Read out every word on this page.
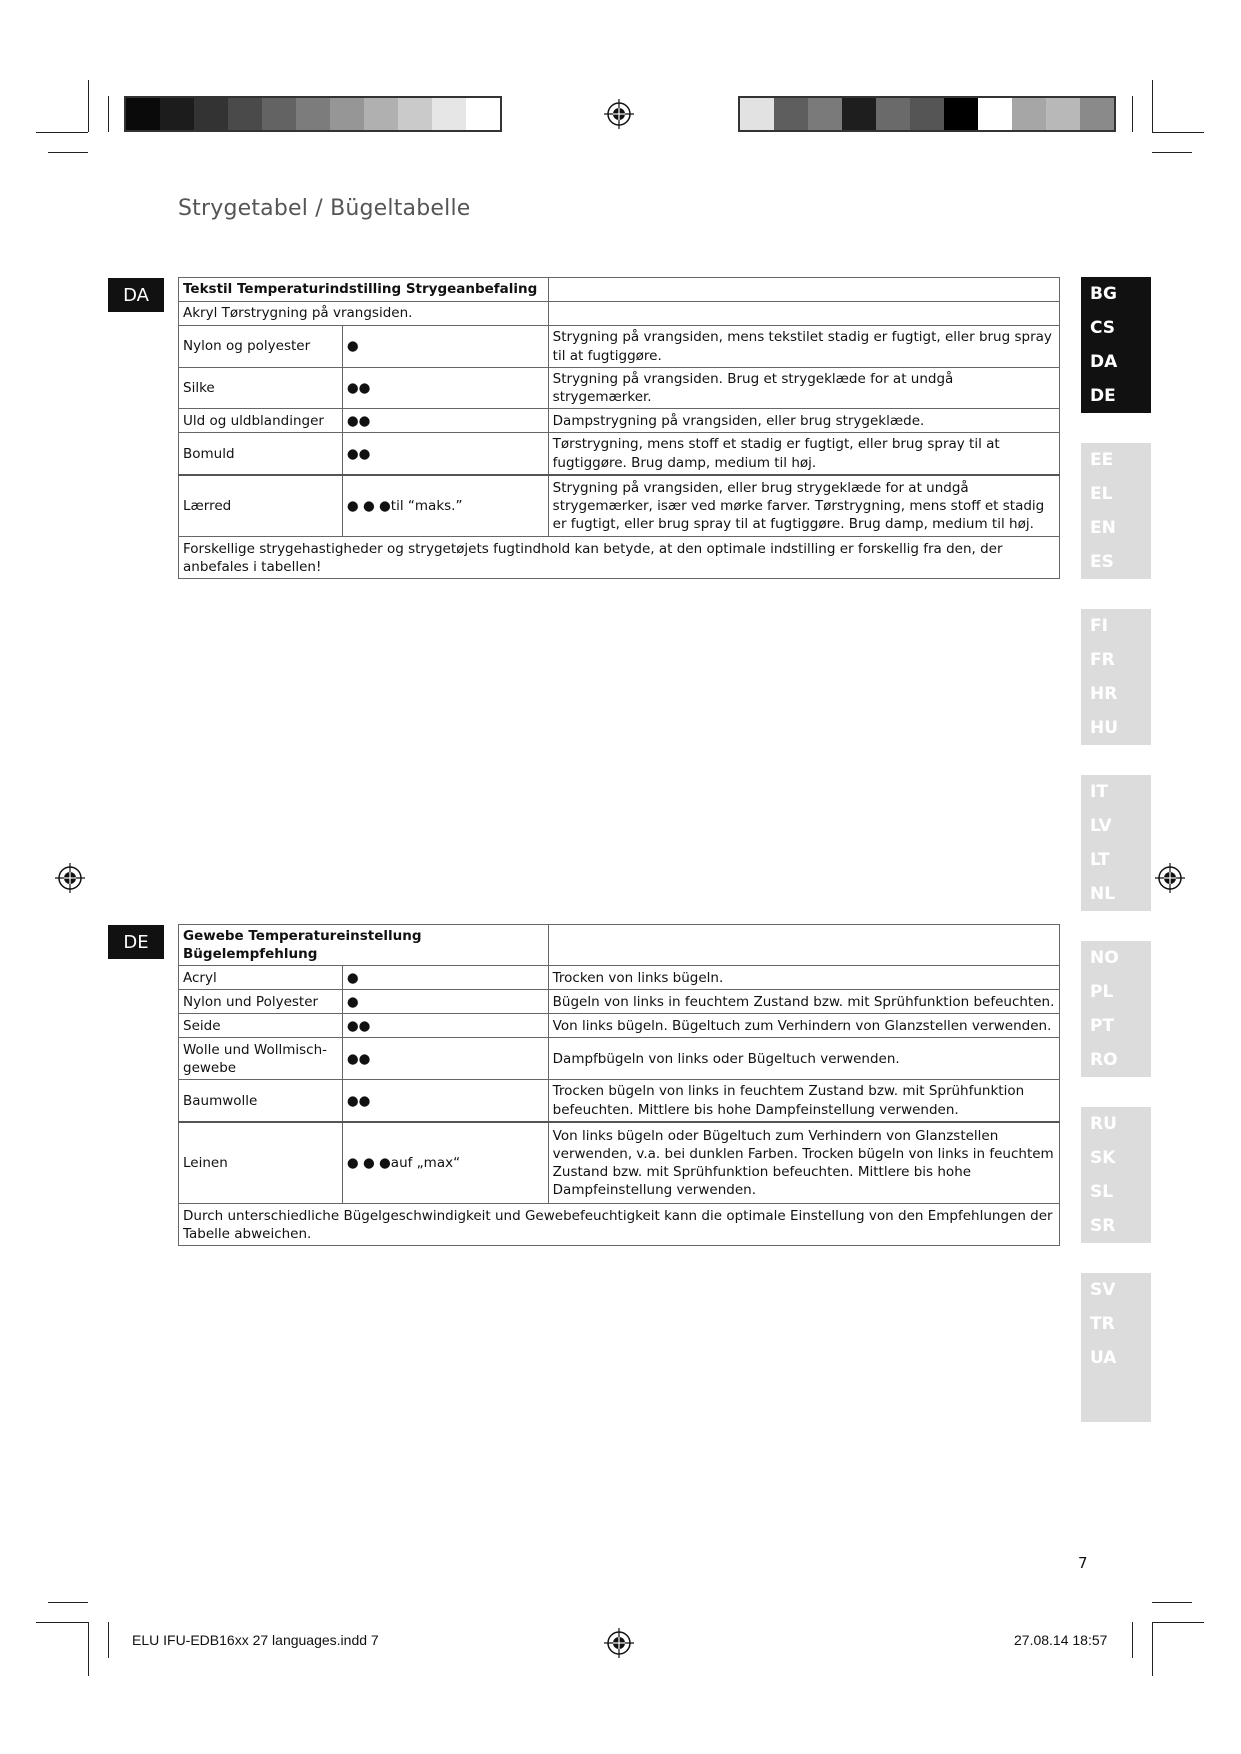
Strygetabel / Bügeltabelle
DA	Tekstil Temperaturindstilling Strygeanbefaling		
Akryl Tørstrygning på vrangsiden.		
Nylon og polyester	●	Strygning på vrangsiden, mens tekstilet stadig er fugtigt, eller brug spray til at fugtiggøre.
Silke	●●	Strygning på vrangsiden. Brug et strygeklæde for at undgå strygemærker.
Uld og uldblandinger	●●	Dampstrygning på vrangsiden, eller brug strygeklæde.
Bomuld	●●	Tørstrygning, mens stoff et stadig er fugtigt, eller brug spray til at fugtiggøre. Brug damp, medium til høj.
Lærred	● ● ●til “maks.”	Strygning på vrangsiden, eller brug strygeklæde for at undgå strygemærker, især ved mørke farver. Tørstrygning, mens stoff et stadig er fugtigt, eller brug spray til at fugtiggøre. Brug damp, medium til høj.
Forskellige strygehastigheder og strygetøjets fugtindhold kan betyde, at den optimale indstilling er forskellig fra den, der anbefales i tabellen!		
DE	Gewebe Temperatureinstellung Bügelempfehlung		
Acryl	●	Trocken von links bügeln.
Nylon und Polyester	●	Bügeln von links in feuchtem Zustand bzw. mit Sprühfunktion befeuchten.
Seide	●●	Von links bügeln. Bügeltuch zum Verhindern von Glanzstellen verwenden.
Wolle und Wollmisch-gewebe	●●	Dampfbügeln von links oder Bügeltuch verwenden.
Baumwolle	●●	Trocken bügeln von links in feuchtem Zustand bzw. mit Sprühfunktion befeuchten. Mittlere bis hohe Dampfeinstellung verwenden.
Leinen	● ● ●auf „max“	Von links bügeln oder Bügeltuch zum Verhindern von Glanzstellen verwenden, v.a. bei dunklen Farben. Trocken bügeln von links in feuchtem Zustand bzw. mit Sprühfunktion befeuchten. Mittlere bis hohe Dampfeinstellung verwenden.
Durch unterschiedliche Bügelgeschwindigkeit und Gewebefeuchtigkeit kann die optimale Einstellung von den Empfehlungen der Tabelle abweichen.		
BG
CS
DA
DE
EE
EL
EN
ES
FI
FR
HR
HU
IT
LV
LT
NL
NO
PL
PT
RO
RU
SK
SL
SR
SV
TR
UA
7
ELU IFU-EDB16xx 27 languages.indd 7	27.08.14 18:57
